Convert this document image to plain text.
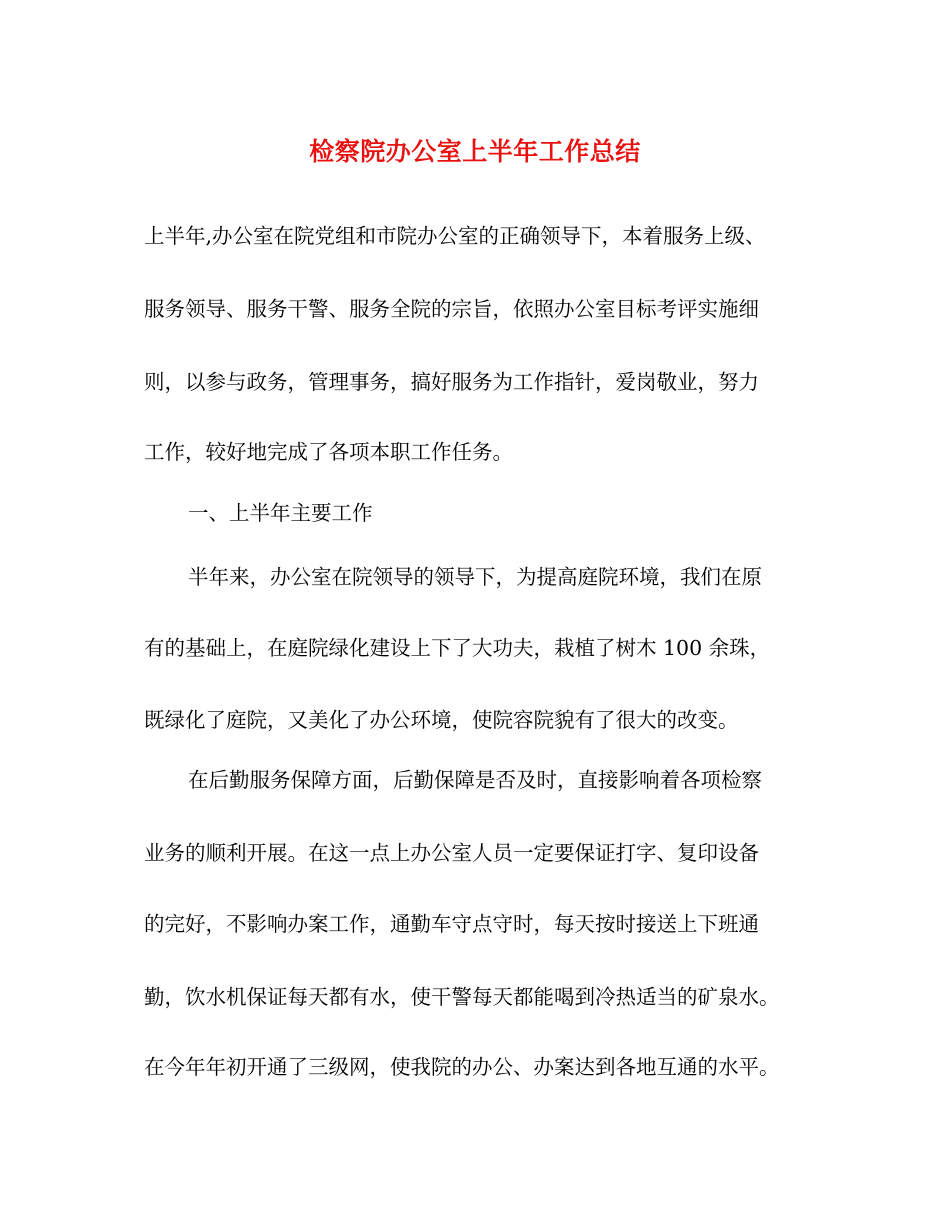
检察院办公室上半年工作总结

上半年,办公室在院党组和市院办公室的正确领导下，本着服务上级、

服务领导、服务干警、服务全院的宗旨，依照办公室目标考评实施细

则，以参与政务，管理事务，搞好服务为工作指针，爱岗敬业，努力

工作，较好地完成了各项本职工作任务。

一、上半年主要工作

半年来，办公室在院领导的领导下，为提高庭院环境，我们在原

有的基础上，在庭院绿化建设上下了大功夫，栽植了树木 100 余珠，

既绿化了庭院，又美化了办公环境，使院容院貌有了很大的改变。

在后勤服务保障方面，后勤保障是否及时，直接影响着各项检察

业务的顺利开展。在这一点上办公室人员一定要保证打字、复印设备

的完好，不影响办案工作，通勤车守点守时，每天按时接送上下班通

勤，饮水机保证每天都有水，使干警每天都能喝到冷热适当的矿泉水。

在今年年初开通了三级网，使我院的办公、办案达到各地互通的水平。
